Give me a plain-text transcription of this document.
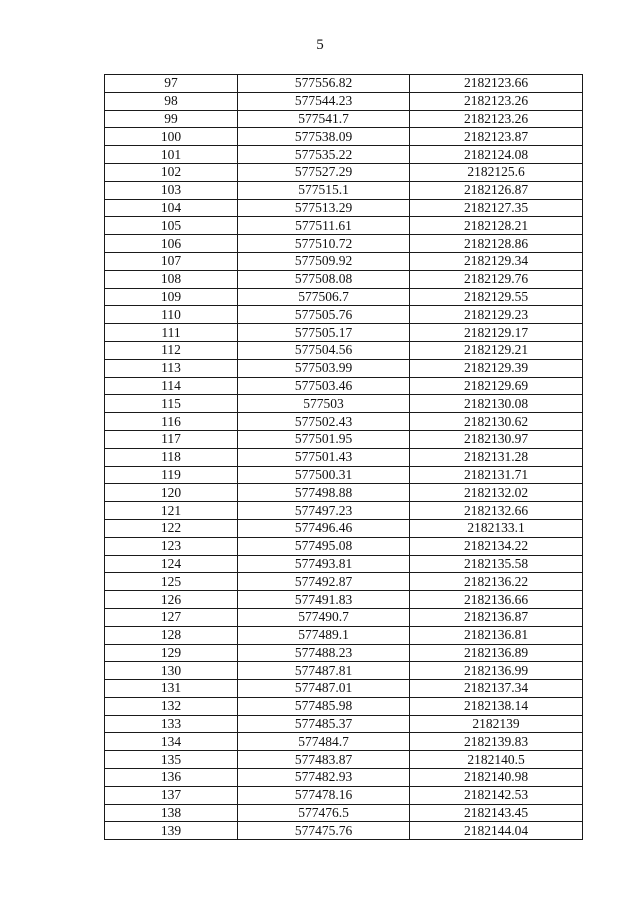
5
97	577556.82	2182123.66
98	577544.23	2182123.26
99	577541.7	2182123.26
100	577538.09	2182123.87
101	577535.22	2182124.08
102	577527.29	2182125.6
103	577515.1	2182126.87
104	577513.29	2182127.35
105	577511.61	2182128.21
106	577510.72	2182128.86
107	577509.92	2182129.34
108	577508.08	2182129.76
109	577506.7	2182129.55
110	577505.76	2182129.23
111	577505.17	2182129.17
112	577504.56	2182129.21
113	577503.99	2182129.39
114	577503.46	2182129.69
115	577503	2182130.08
116	577502.43	2182130.62
117	577501.95	2182130.97
118	577501.43	2182131.28
119	577500.31	2182131.71
120	577498.88	2182132.02
121	577497.23	2182132.66
122	577496.46	2182133.1
123	577495.08	2182134.22
124	577493.81	2182135.58
125	577492.87	2182136.22
126	577491.83	2182136.66
127	577490.7	2182136.87
128	577489.1	2182136.81
129	577488.23	2182136.89
130	577487.81	2182136.99
131	577487.01	2182137.34
132	577485.98	2182138.14
133	577485.37	2182139
134	577484.7	2182139.83
135	577483.87	2182140.5
136	577482.93	2182140.98
137	577478.16	2182142.53
138	577476.5	2182143.45
139	577475.76	2182144.04
